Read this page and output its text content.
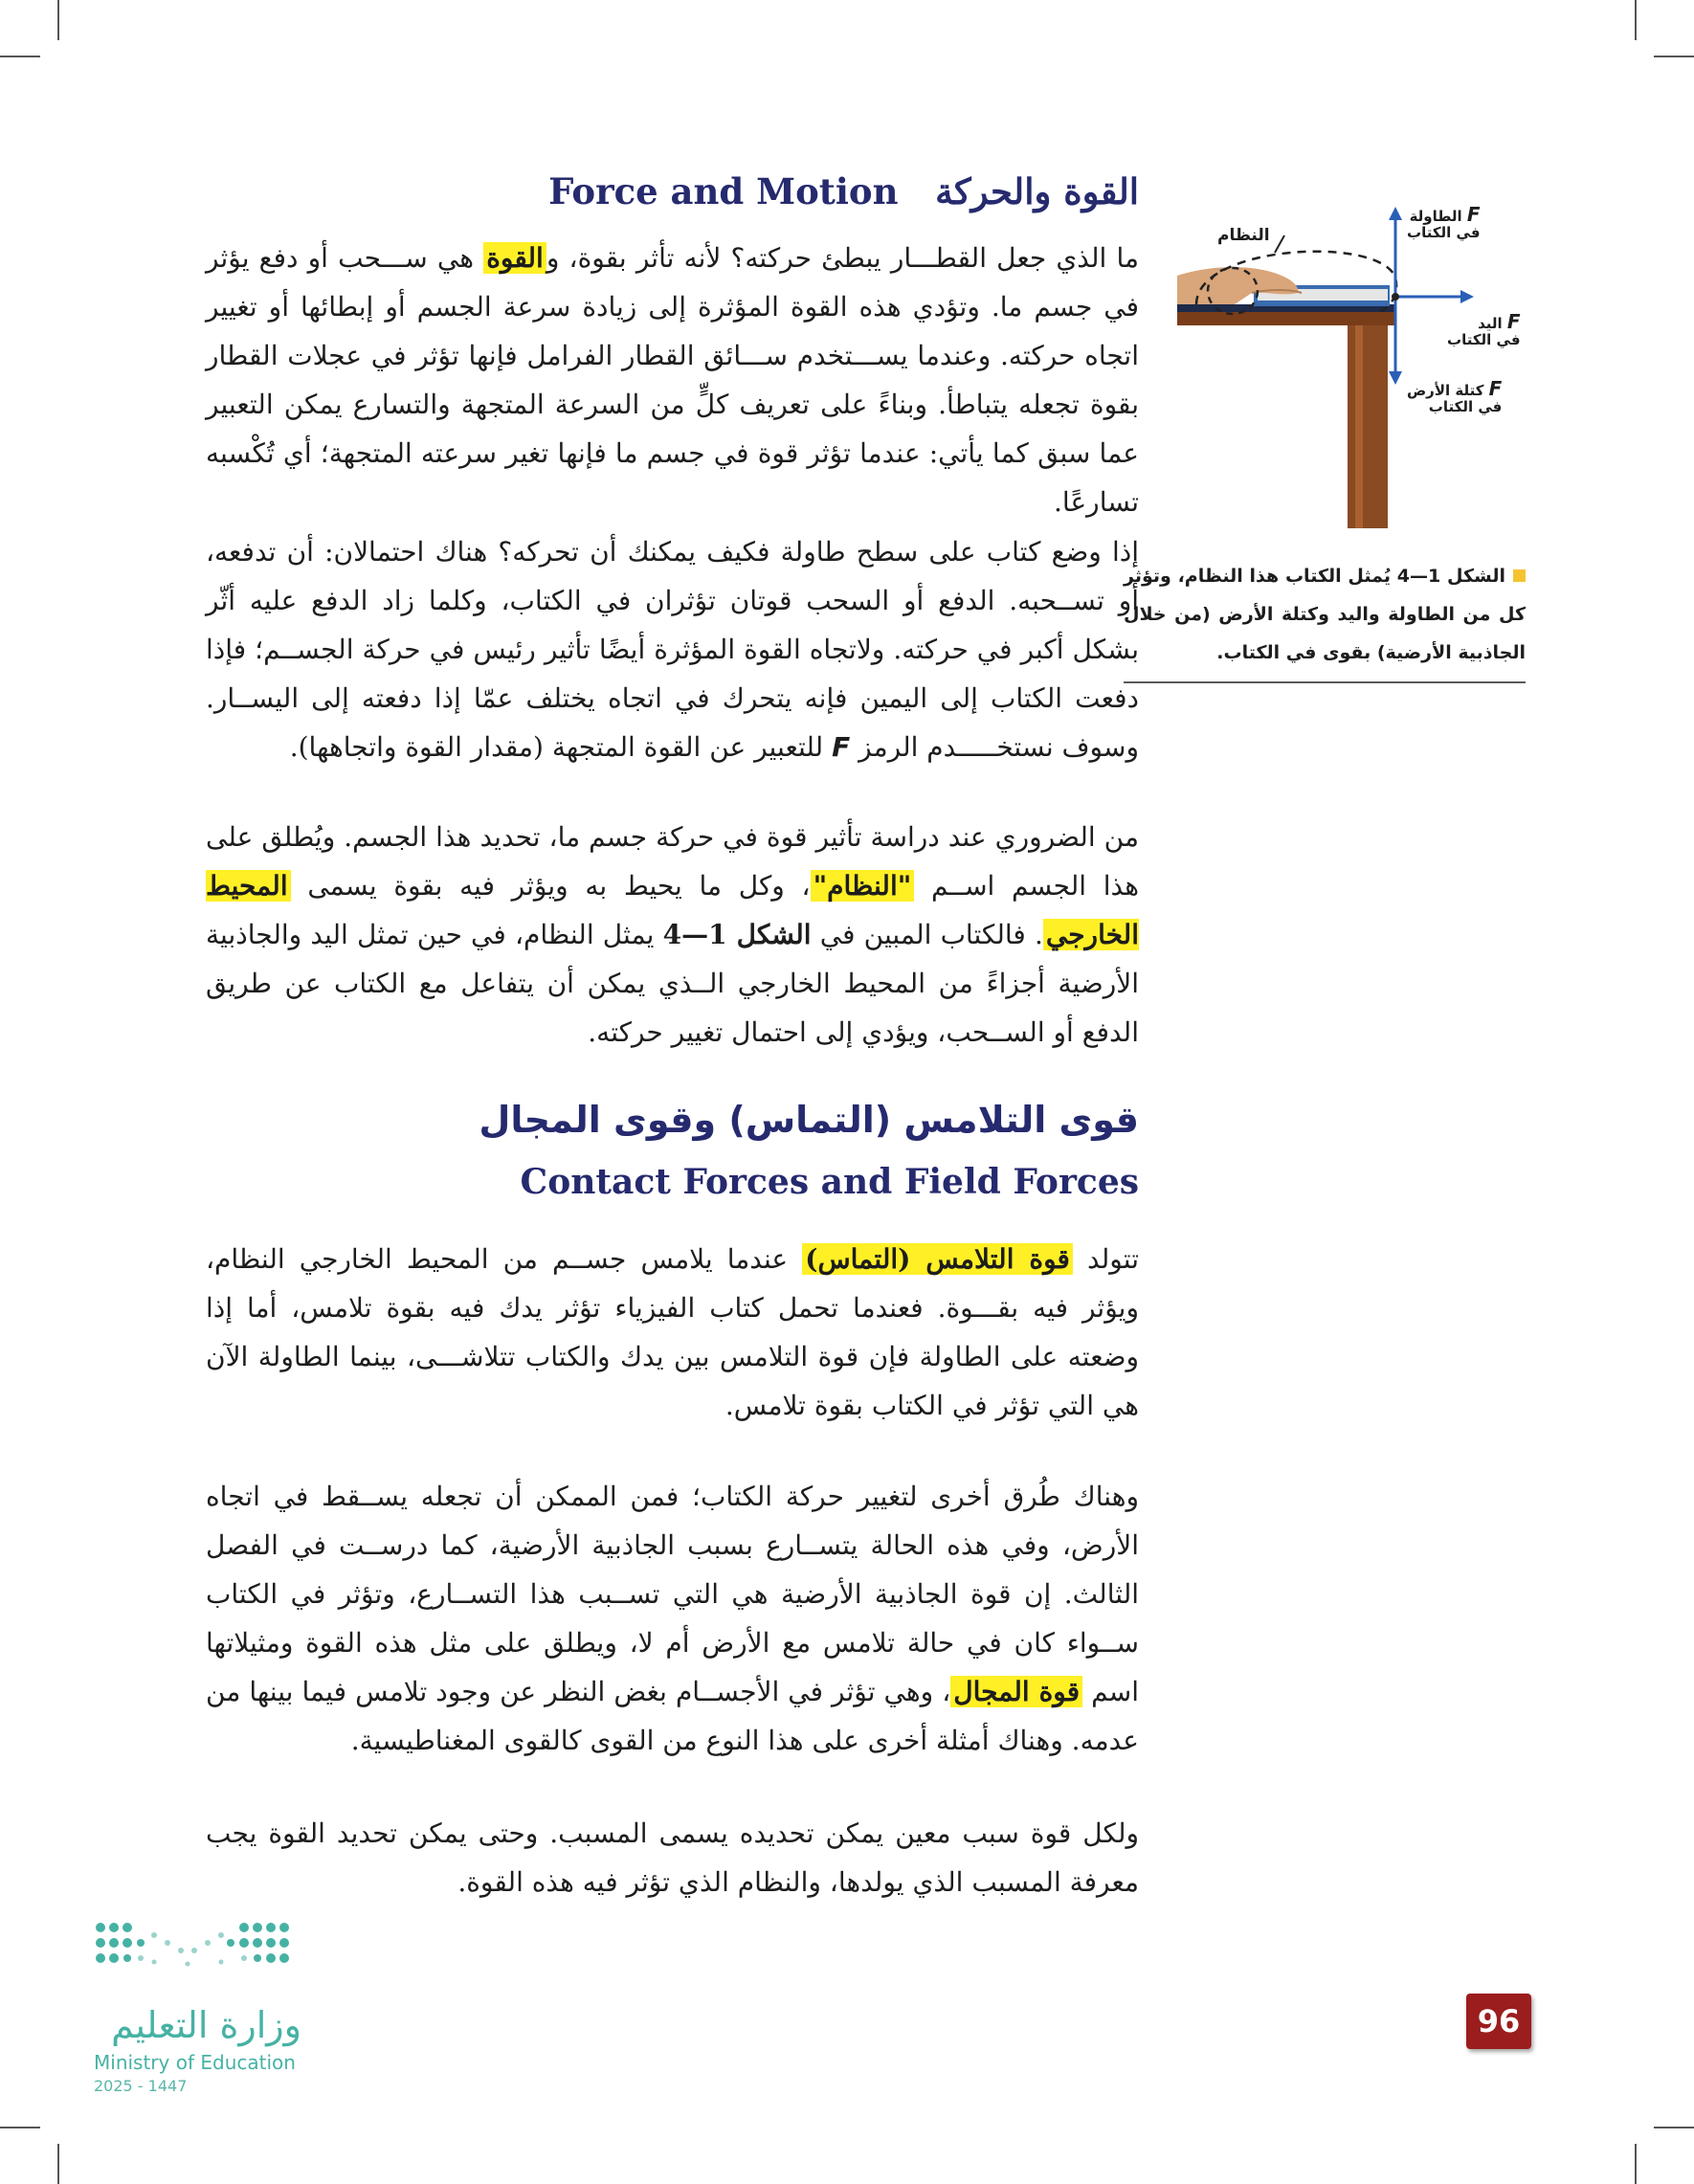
القوة والحركة   Force and Motion

ما الذي جعل القطـــار يبطئ حركته؟ لأنه تأثر بقوة، والقوة هي ســـحب أو دفع يؤثر في جسم ما. وتؤدي هذه القوة المؤثرة إلى زيادة سرعة الجسم أو إبطائها أو تغيير اتجاه حركته. وعندما يســـتخدم ســـائق القطار الفرامل فإنها تؤثر في عجلات القطار بقوة تجعله يتباطأ. وبناءً على تعريف كلٍّ من السرعة المتجهة والتسارع يمكن التعبير عما سبق كما يأتي: عندما تؤثر قوة في جسم ما فإنها تغير سرعته المتجهة؛ أي تُكْسبه تسارعًا.

إذا وضع كتاب على سطح طاولة فكيف يمكنك أن تحركه؟ هناك احتمالان: أن تدفعه، أو تســحبه. الدفع أو السحب قوتان تؤثران في الكتاب، وكلما زاد الدفع عليه أثّر بشكل أكبر في حركته. ولاتجاه القوة المؤثرة أيضًا تأثير رئيس في حركة الجســم؛ فإذا دفعت الكتاب إلى اليمين فإنه يتحرك في اتجاه يختلف عمّا إذا دفعته إلى اليســار. وسوف نستخـــــدم الرمز F للتعبير عن القوة المتجهة (مقدار القوة واتجاهها).

من الضروري عند دراسة تأثير قوة في حركة جسم ما، تحديد هذا الجسم. ويُطلق على هذا الجسم اســم "النظام"، وكل ما يحيط به ويؤثر فيه بقوة يسمى المحيط الخارجي. فالكتاب المبين في الشكل 1—4 يمثل النظام، في حين تمثل اليد والجاذبية الأرضية أجزاءً من المحيط الخارجي الــذي يمكن أن يتفاعل مع الكتاب عن طريق الدفع أو الســحب، ويؤدي إلى احتمال تغيير حركته.

قوى التلامس (التماس) وقوى المجال
Contact Forces and Field Forces

تتولد قوة التلامس (التماس) عندما يلامس جســم من المحيط الخارجي النظام، ويؤثر فيه بقـــوة. فعندما تحمل كتاب الفيزياء تؤثر يدك فيه بقوة تلامس، أما إذا وضعته على الطاولة فإن قوة التلامس بين يدك والكتاب تتلاشـــى، بينما الطاولة الآن هي التي تؤثر في الكتاب بقوة تلامس.

وهناك طُرق أخرى لتغيير حركة الكتاب؛ فمن الممكن أن تجعله يســقط في اتجاه الأرض، وفي هذه الحالة يتســارع بسبب الجاذبية الأرضية، كما درســت في الفصل الثالث. إن قوة الجاذبية الأرضية هي التي تســبب هذا التســارع، وتؤثر في الكتاب ســواء كان في حالة تلامس مع الأرض أم لا، ويطلق على مثل هذه القوة ومثيلاتها اسم قوة المجال، وهي تؤثر في الأجســام بغض النظر عن وجود تلامس فيما بينها من عدمه. وهناك أمثلة أخرى على هذا النوع من القوى كالقوى المغناطيسية.

ولكل قوة سبب معين يمكن تحديده يسمى المسبب. وحتى يمكن تحديد القوة يجب معرفة المسبب الذي يولدها، والنظام الذي تؤثر فيه هذه القوة.

النظام
F الطاولة
في الكتاب
F اليد
في الكتاب
F كتلة الأرض
في الكتاب
الشكل 1—4 يُمثل الكتاب هذا النظام، وتؤثر كل من الطاولة واليد وكتلة الأرض (من خلال الجاذبية الأرضية) بقوى في الكتاب.
وزارة التعليم
Ministry of Education
2025 - 1447
96
